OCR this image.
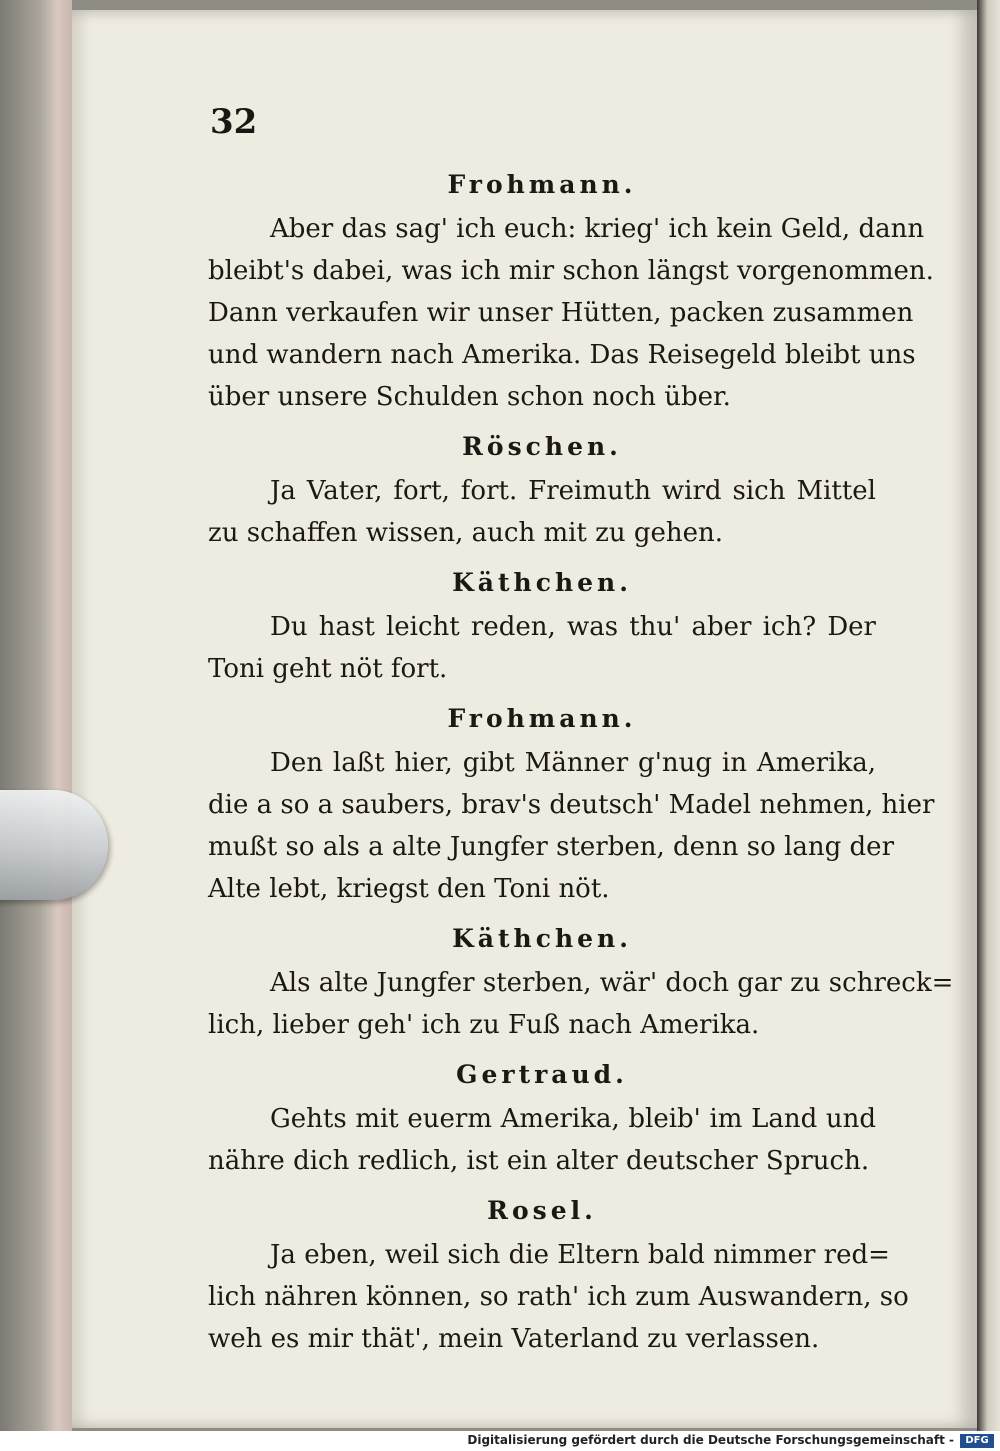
32
Frohmann.
Aber das sag' ich euch: krieg' ich kein Geld, dann
bleibt's dabei, was ich mir schon längst vorgenommen.
Dann verkaufen wir unser Hütten, packen zusammen
und wandern nach Amerika. Das Reisegeld bleibt uns
über unsere Schulden schon noch über.
Röschen.
Ja Vater, fort, fort. Freimuth wird sich Mittel
zu schaffen wissen, auch mit zu gehen.
Käthchen.
Du hast leicht reden, was thu' aber ich? Der
Toni geht nöt fort.
Frohmann.
Den laßt hier, gibt Männer g'nug in Amerika,
die a so a saubers, brav's deutsch' Madel nehmen, hier
mußt so als a alte Jungfer sterben, denn so lang der
Alte lebt, kriegst den Toni nöt.
Käthchen.
Als alte Jungfer sterben, wär' doch gar zu schreck=
lich, lieber geh' ich zu Fuß nach Amerika.
Gertraud.
Gehts mit euerm Amerika, bleib' im Land und
nähre dich redlich, ist ein alter deutscher Spruch.
Rosel.
Ja eben, weil sich die Eltern bald nimmer red=
lich nähren können, so rath' ich zum Auswandern, so
weh es mir thät', mein Vaterland zu verlassen.
Digitalisierung gefördert durch die Deutsche Forschungsgemeinschaft -	DFG
